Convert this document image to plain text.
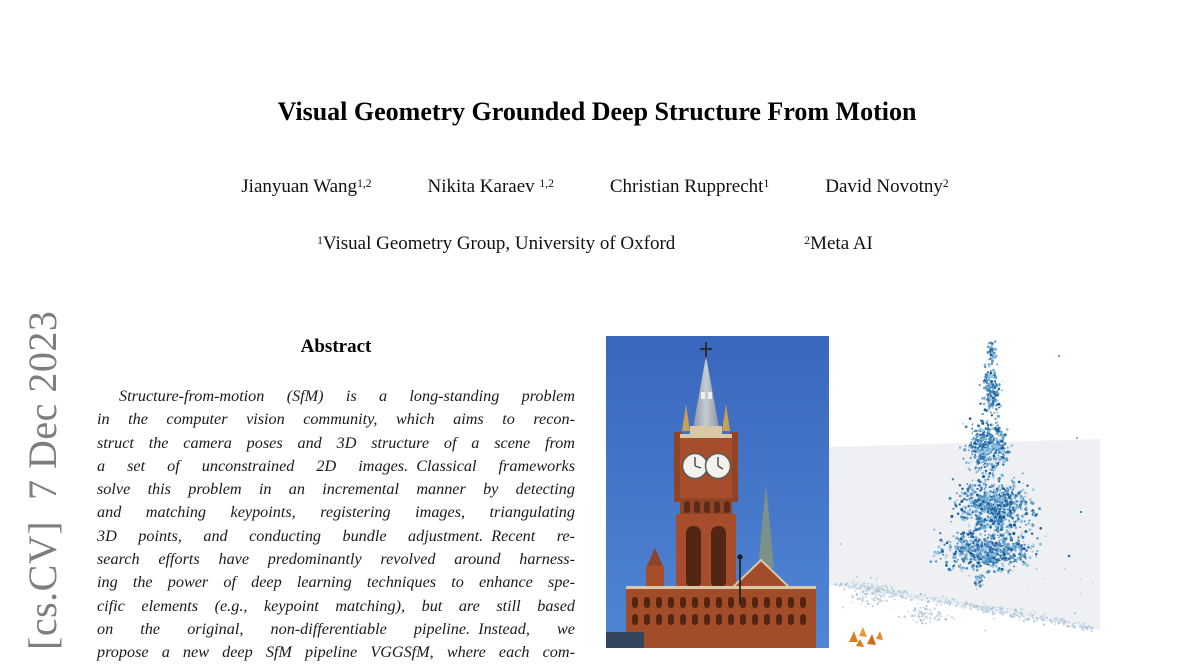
[cs.CV]  7 Dec 2023
Visual Geometry Grounded Deep Structure From Motion
Jianyuan Wang$^{1,2}$	Nikita Karaev $^{1,2}$	Christian Rupprecht$^1$	David Novotny$^2$
$^1$Visual Geometry Group, University of Oxford	$^2$Meta AI
Abstract
Structure-from-motion (SfM) is a long-standing problem
in the computer vision community, which aims to recon-
struct the camera poses and 3D structure of a scene from
a set of unconstrained 2D images. Classical frameworks
solve this problem in an incremental manner by detecting
and matching keypoints, registering images, triangulating
3D points, and conducting bundle adjustment. Recent re-
search efforts have predominantly revolved around harness-
ing the power of deep learning techniques to enhance spe-
cific elements (e.g., keypoint matching), but are still based
on the original, non-differentiable pipeline. Instead, we
propose a new deep SfM pipeline VGGSfM, where each com-
